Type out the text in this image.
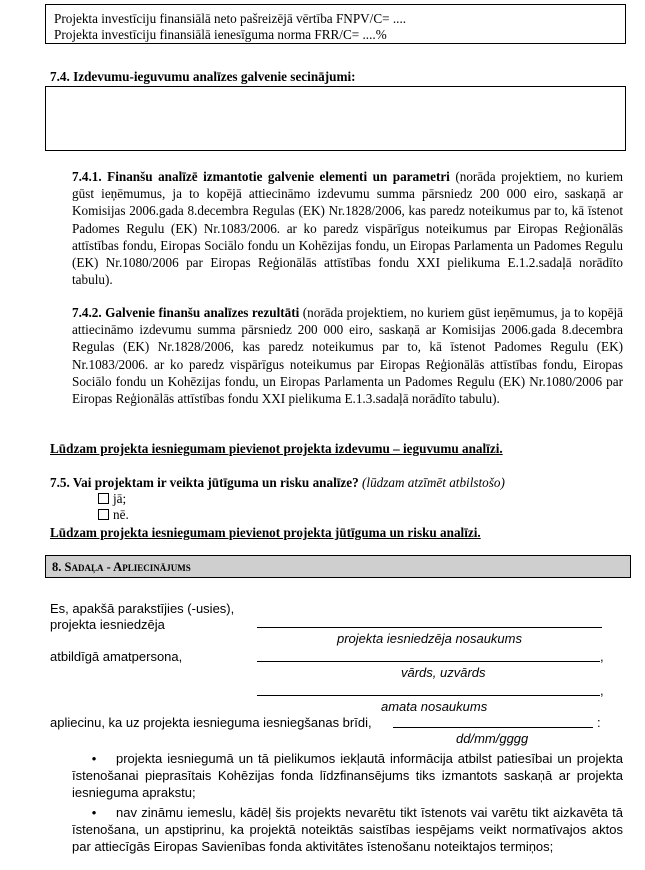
Projekta investīciju finansiālā neto pašreizējā vērtība FNPV/C= ....
Projekta investīciju finansiālā ienesīguma norma FRR/C= ....%
7.4. Izdevumu-ieguvumu analīzes galvenie secinājumi:
7.4.1. Finanšu analīzē izmantotie galvenie elementi un parametri (norāda projektiem, no kuriem gūst ieņēmumus, ja to kopējā attiecināmo izdevumu summa pārsniedz 200 000 eiro, saskaņā ar Komisijas 2006.gada 8.decembra Regulas (EK) Nr.1828/2006, kas paredz noteikumus par to, kā īstenot Padomes Regulu (EK) Nr.1083/2006. ar ko paredz vispārīgus noteikumus par Eiropas Reģionālās attīstības fondu, Eiropas Sociālo fondu un Kohēzijas fondu, un Eiropas Parlamenta un Padomes Regulu (EK) Nr.1080/2006 par Eiropas Reģionālās attīstības fondu XXI pielikuma E.1.2.sadaļā norādīto tabulu).
7.4.2. Galvenie finanšu analīzes rezultāti (norāda projektiem, no kuriem gūst ieņēmumus, ja to kopējā attiecināmo izdevumu summa pārsniedz 200 000 eiro, saskaņā ar Komisijas 2006.gada 8.decembra Regulas (EK) Nr.1828/2006, kas paredz noteikumus par to, kā īstenot Padomes Regulu (EK) Nr.1083/2006. ar ko paredz vispārīgus noteikumus par Eiropas Reģionālās attīstības fondu, Eiropas Sociālo fondu un Kohēzijas fondu, un Eiropas Parlamenta un Padomes Regulu (EK) Nr.1080/2006 par Eiropas Reģionālās attīstības fondu XXI pielikuma E.1.3.sadaļā norādīto tabulu).
Lūdzam projekta iesniegumam pievienot projekta izdevumu – ieguvumu analīzi.
7.5. Vai projektam ir veikta jūtīguma un risku analīze? (lūdzam atzīmēt atbilstošo)
jā;
nē.
Lūdzam projekta iesniegumam pievienot projekta jūtīguma un risku analīzi.
8. Sadaļa - Apliecinājums
Es, apakšā parakstījies (-usies),
projekta iesniedzēja
projekta iesniedzēja nosaukums
atbildīgā amatpersona,	,
vārds, uzvārds
,
amata nosaukums
apliecinu, ka uz projekta iesnieguma iesniegšanas brīdi,	:
dd/mm/gggg
• projekta iesniegumā un tā pielikumos iekļautā informācija atbilst patiesībai un projekta īstenošanai pieprasītais Kohēzijas fonda līdzfinansējums tiks izmantots saskaņā ar projekta iesnieguma aprakstu;
• nav zināmu iemeslu, kādēļ šis projekts nevarētu tikt īstenots vai varētu tikt aizkavēta tā īstenošana, un apstiprinu, ka projektā noteiktās saistības iespējams veikt normatīvajos aktos par attiecīgās Eiropas Savienības fonda aktivitātes īstenošanu noteiktajos termiņos;
